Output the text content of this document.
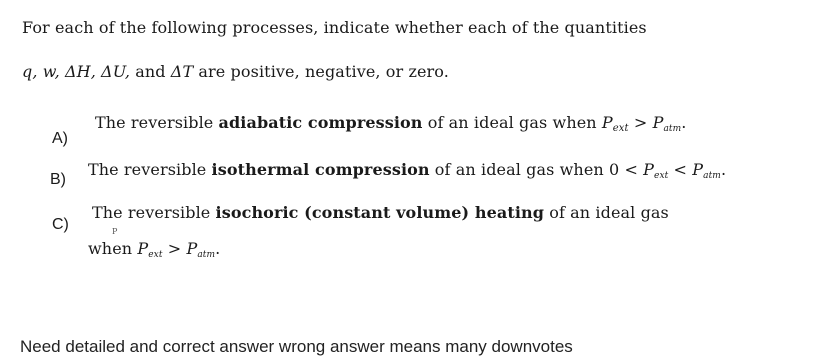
For each of the following processes, indicate whether each of the quantities
q, w, ΔH, ΔU, and ΔT are positive, negative, or zero.
A)
The reversible adiabatic compression of an ideal gas when $P_{ext} > P_{atm}$.
B)
The reversible isothermal compression of an ideal gas when $0 < P_{ext} < P_{atm}$.
C)
The reversible isochoric (constant volume) heating of an ideal gas
P
when $P_{ext} > P_{atm}$.
Need detailed and correct answer wrong answer means many downvotes
